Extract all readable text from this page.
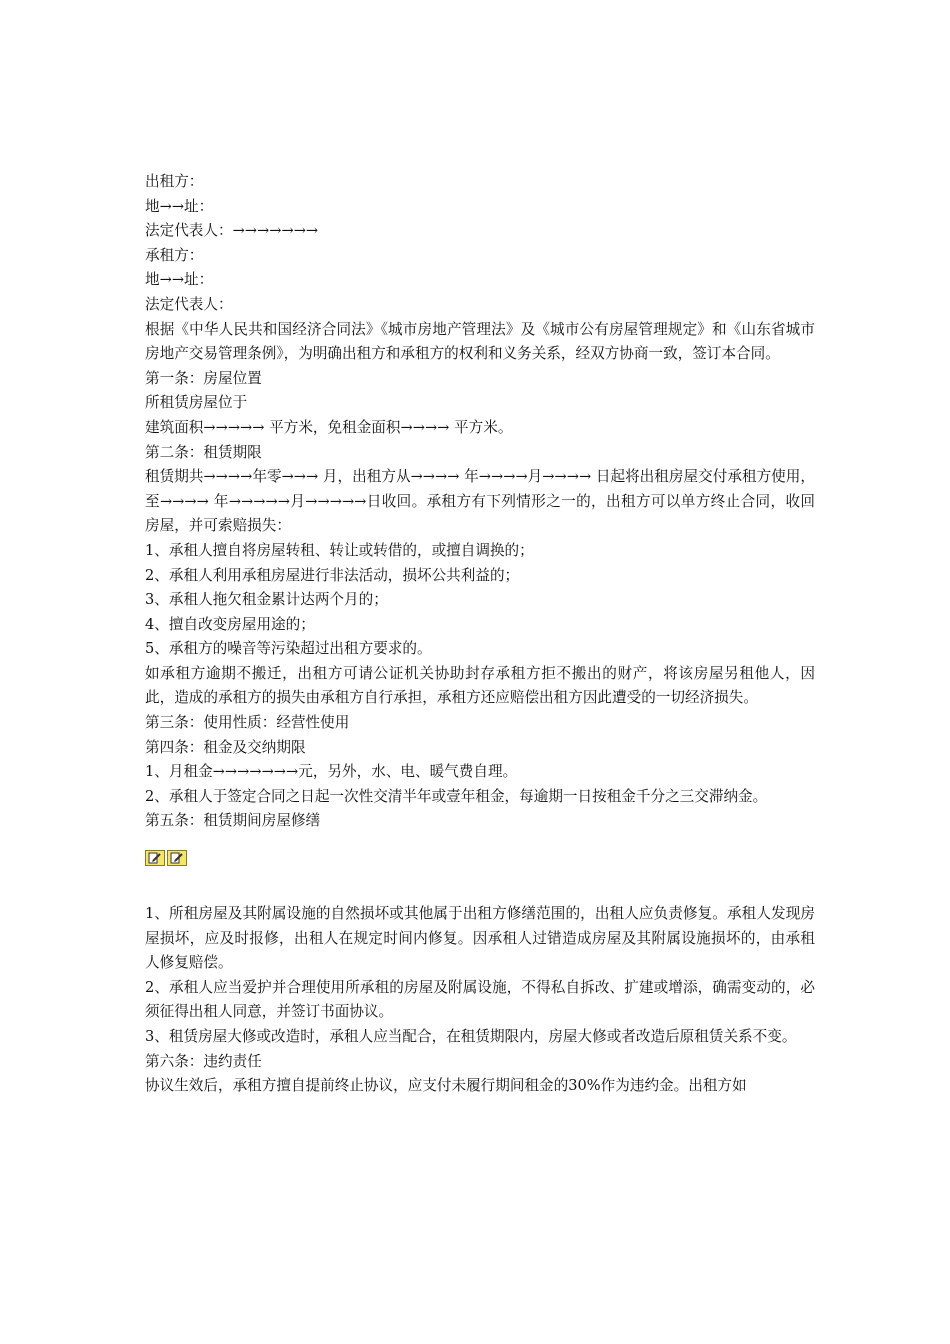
出租方：

地→→址：

法定代表人：→→→→→→→

承租方：

地→→址：

法定代表人：

根据《中华人民共和国经济合同法》《城市房地产管理法》及《城市公有房屋管理规定》和《山东省城市房地产交易管理条例》，为明确出租方和承租方的权利和义务关系，经双方协商一致，签订本合同。

第一条：房屋位置

所租赁房屋位于

建筑面积→→→→→ 平方米，免租金面积→→→→ 平方米。

第二条：租赁期限

租赁期共→→→→年零→→→ 月，出租方从→→→→ 年→→→→月→→→→ 日起将出租房屋交付承租方使用，至→→→→ 年→→→→→月→→→→→日收回。承租方有下列情形之一的，出租方可以单方终止合同，收回房屋，并可索赔损失：

1、承租人擅自将房屋转租、转让或转借的，或擅自调换的；

2、承租人利用承租房屋进行非法活动，损坏公共利益的；

3、承租人拖欠租金累计达两个月的；

4、擅自改变房屋用途的；

5、承租方的噪音等污染超过出租方要求的。

如承租方逾期不搬迁，出租方可请公证机关协助封存承租方拒不搬出的财产，将该房屋另租他人，因此，造成的承租方的损失由承租方自行承担，承租方还应赔偿出租方因此遭受的一切经济损失。

第三条：使用性质：经营性使用

第四条：租金及交纳期限

1、月租金→→→→→→→元，另外，水、电、暖气费自理。

2、承租人于签定合同之日起一次性交清半年或壹年租金，每逾期一日按租金千分之三交滞纳金。

第五条：租赁期间房屋修缮

1、所租房屋及其附属设施的自然损坏或其他属于出租方修缮范围的，出租人应负责修复。承租人发现房屋损坏，应及时报修，出租人在规定时间内修复。因承租人过错造成房屋及其附属设施损坏的，由承租人修复赔偿。

2、承租人应当爱护并合理使用所承租的房屋及附属设施，不得私自拆改、扩建或增添，确需变动的，必须征得出租人同意，并签订书面协议。

3、租赁房屋大修或改造时，承租人应当配合，在租赁期限内，房屋大修或者改造后原租赁关系不变。

第六条：违约责任

协议生效后，承租方擅自提前终止协议，应支付未履行期间租金的30%作为违约金。出租方如
